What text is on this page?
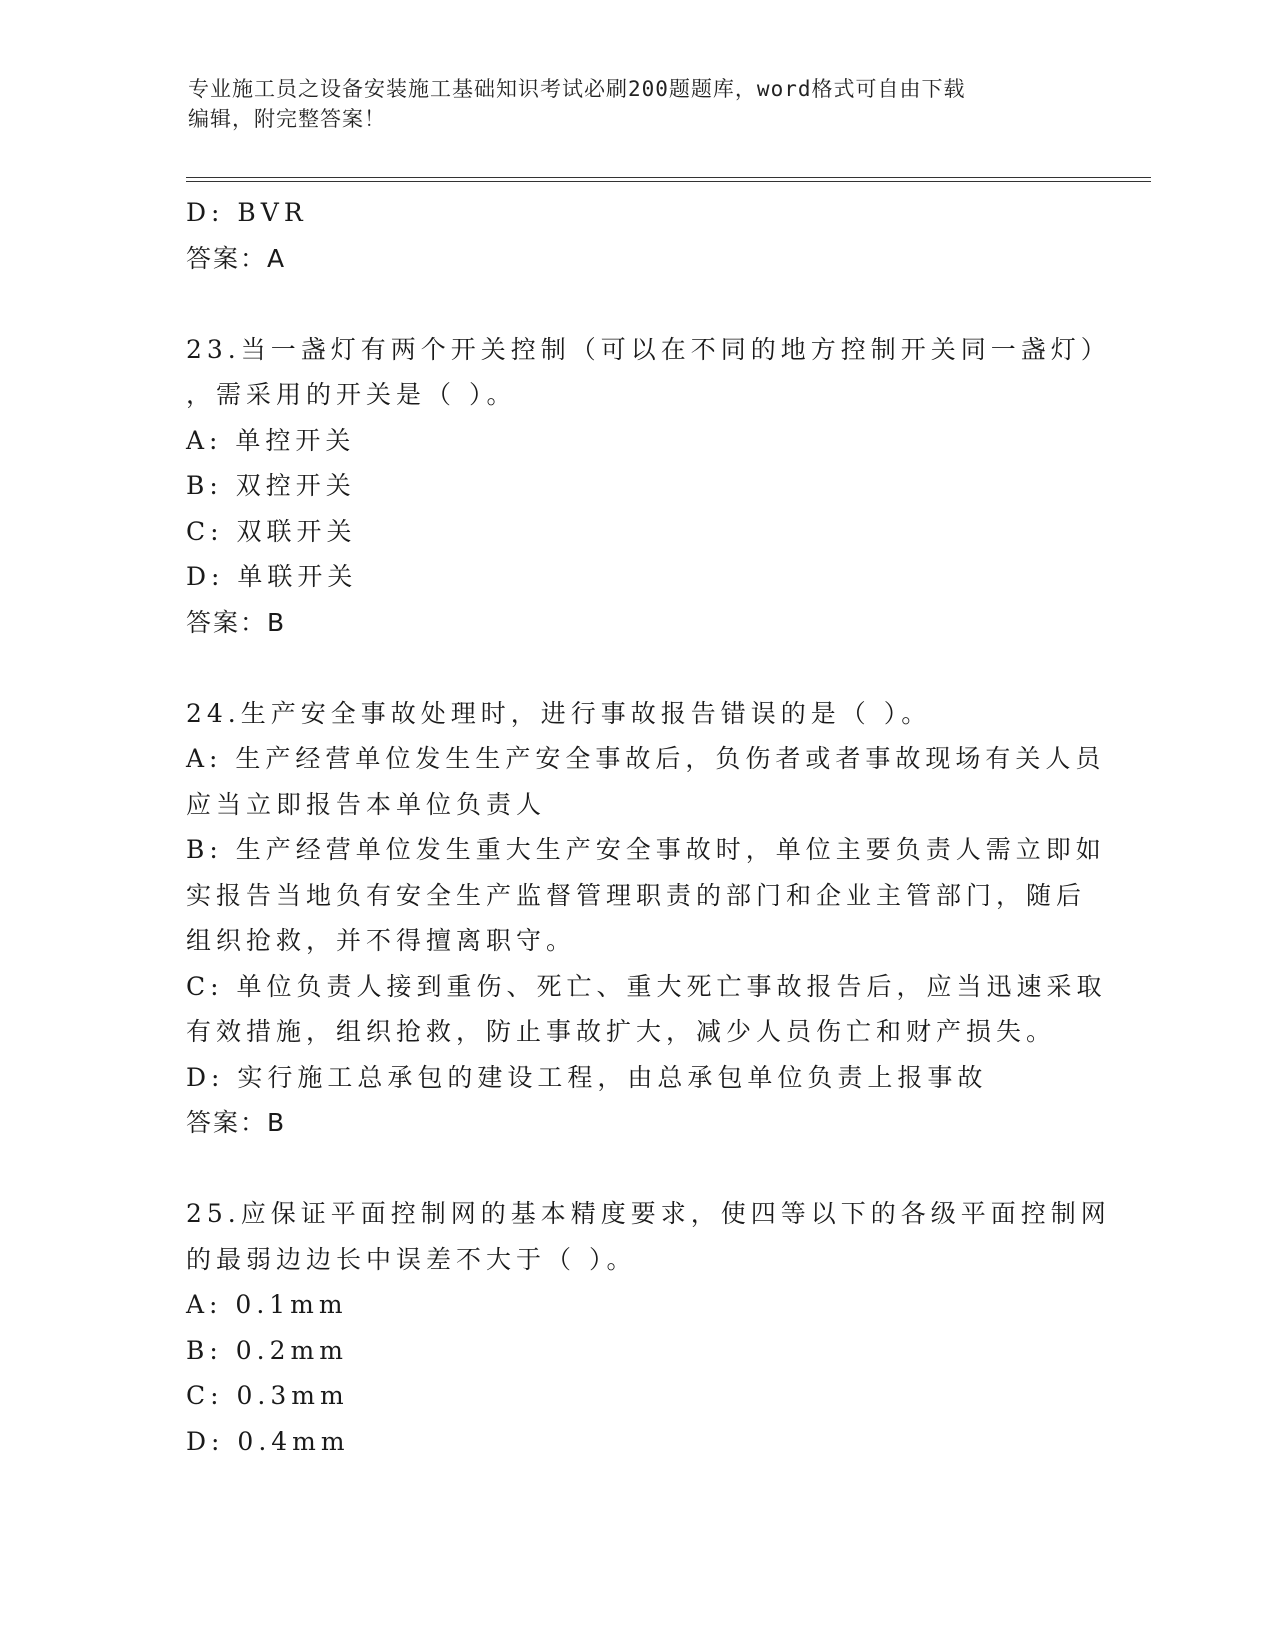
专业施工员之设备安装施工基础知识考试必刷200题题库，word格式可自由下载
编辑，附完整答案！
D: BVR
答案：A
23.当一盏灯有两个开关控制（可以在不同的地方控制开关同一盏灯）
，需采用的开关是（ ）。
A: 单控开关
B: 双控开关
C: 双联开关
D: 单联开关
答案：B
24.生产安全事故处理时，进行事故报告错误的是（ ）。
A: 生产经营单位发生生产安全事故后，负伤者或者事故现场有关人员
应当立即报告本单位负责人
B: 生产经营单位发生重大生产安全事故时，单位主要负责人需立即如
实报告当地负有安全生产监督管理职责的部门和企业主管部门，随后
组织抢救，并不得擅离职守。
C: 单位负责人接到重伤、死亡、重大死亡事故报告后，应当迅速采取
有效措施，组织抢救，防止事故扩大，减少人员伤亡和财产损失。
D: 实行施工总承包的建设工程，由总承包单位负责上报事故
答案：B
25.应保证平面控制网的基本精度要求，使四等以下的各级平面控制网
的最弱边边长中误差不大于（ ）。
A: 0.1mm
B: 0.2mm
C: 0.3mm
D: 0.4mm
